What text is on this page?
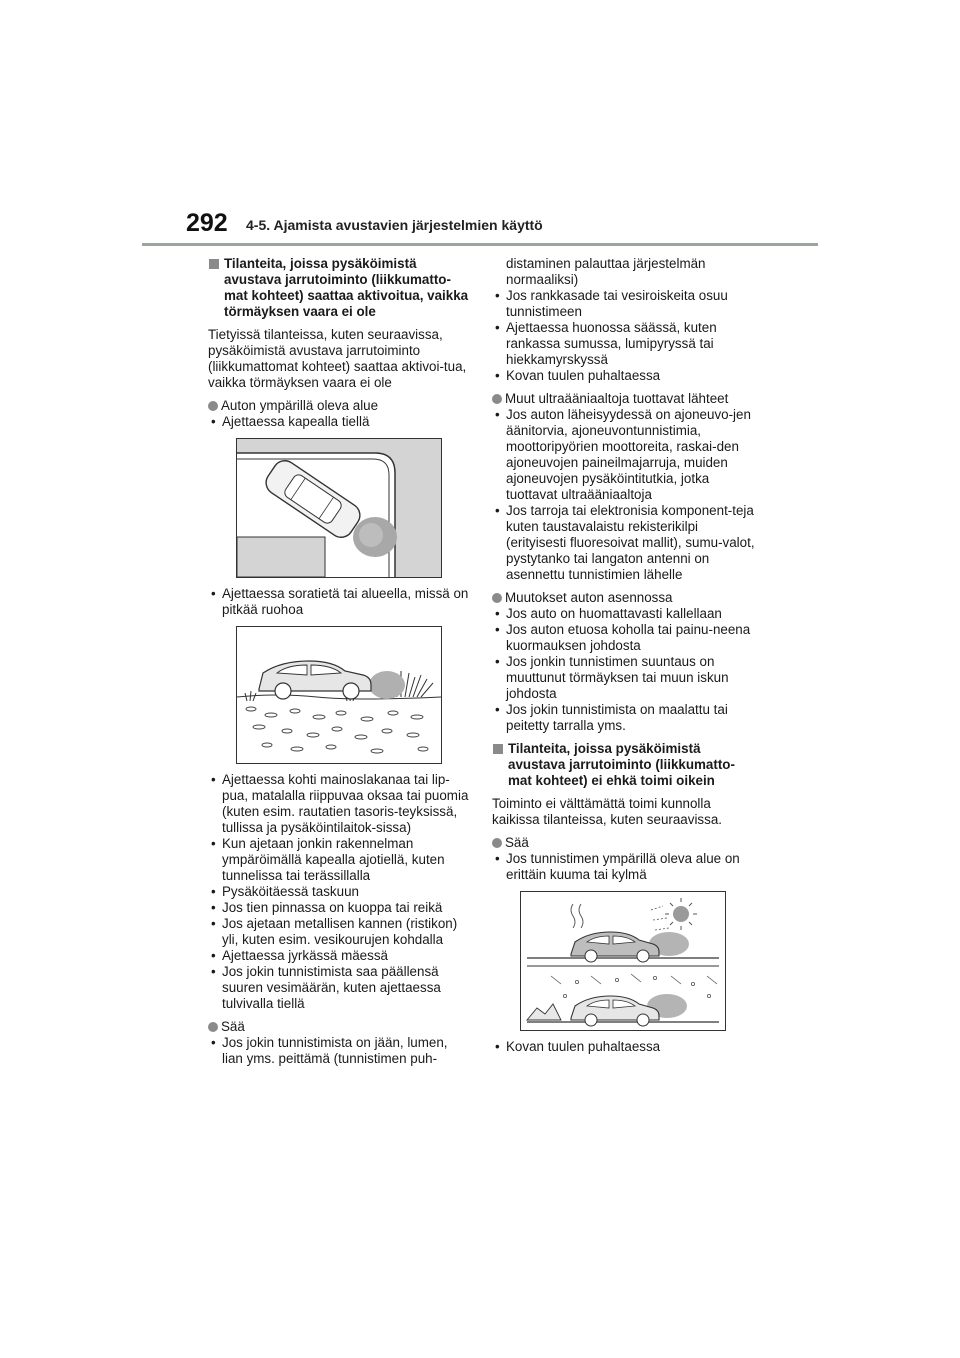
292 4-5. Ajamista avustavien järjestelmien käyttö
Tilanteita, joissa pysäköimistä avustava jarrutoiminto (liikkumatto-mat kohteet) saattaa aktivoitua, vaikka törmäyksen vaara ei ole

Tietyissä tilanteissa, kuten seuraavissa, pysäköimistä avustava jarrutoiminto (liikkumattomat kohteet) saattaa aktivoi-tua, vaikka törmäyksen vaara ei ole

Auton ympärillä oleva alue
• Ajettaessa kapealla tiellä
• Ajettaessa soratietä tai alueella, missä on pitkää ruohoa
• Ajettaessa kohti mainoslakanaa tai lip-pua, matalalla riippuvaa oksaa tai puomia (kuten esim. rautatien tasoris-teyksissä, tullissa ja pysäköintilaitok-sissa)
• Kun ajetaan jonkin rakennelman ympäröimällä kapealla ajotiellä, kuten tunnelissa tai terässillalla
• Pysäköitäessä taskuun
• Jos tien pinnassa on kuoppa tai reikä
• Jos ajetaan metallisen kannen (ristikon) yli, kuten esim. vesikourujen kohdalla
• Ajettaessa jyrkässä mäessä
• Jos jokin tunnistimista saa päällensä suuren vesimäärän, kuten ajettaessa tulvivalla tiellä
Sää
• Jos jokin tunnistimista on jään, lumen, lian yms. peittämä (tunnistimen puh-
distaminen palauttaa järjestelmän normaaliksi)
• Jos rankkasade tai vesiroiskeita osuu tunnistimeen
• Ajettaessa huonossa säässä, kuten rankassa sumussa, lumipyryssä tai hiekkamyrskyssä
• Kovan tuulen puhaltaessa
Muut ultraääniaaltoja tuottavat lähteet
• Jos auton läheisyydessä on ajoneuvo-jen äänitorvia, ajoneuvontunnistimia, moottoripyörien moottoreita, raskai-den ajoneuvojen paineilmajarruja, muiden ajoneuvojen pysäköintitutkia, jotka tuottavat ultraääniaaltoja
• Jos tarroja tai elektronisia komponent-teja kuten taustavalaistu rekisterikilpi (erityisesti fluoresoivat mallit), sumu-valot, pystytanko tai langaton antenni on asennettu tunnistimien lähelle
Muutokset auton asennossa
• Jos auto on huomattavasti kallellaan
• Jos auton etuosa koholla tai painu-neena kuormauksen johdosta
• Jos jonkin tunnistimen suuntaus on muuttunut törmäyksen tai muun iskun johdosta
• Jos jokin tunnistimista on maalattu tai peitetty tarralla yms.
Tilanteita, joissa pysäköimistä avustava jarrutoiminto (liikkumatto-mat kohteet) ei ehkä toimi oikein

Toiminto ei välttämättä toimi kunnolla kaikissa tilanteissa, kuten seuraavissa.

Sää
• Jos tunnistimen ympärillä oleva alue on erittäin kuuma tai kylmä
• Kovan tuulen puhaltaessa
